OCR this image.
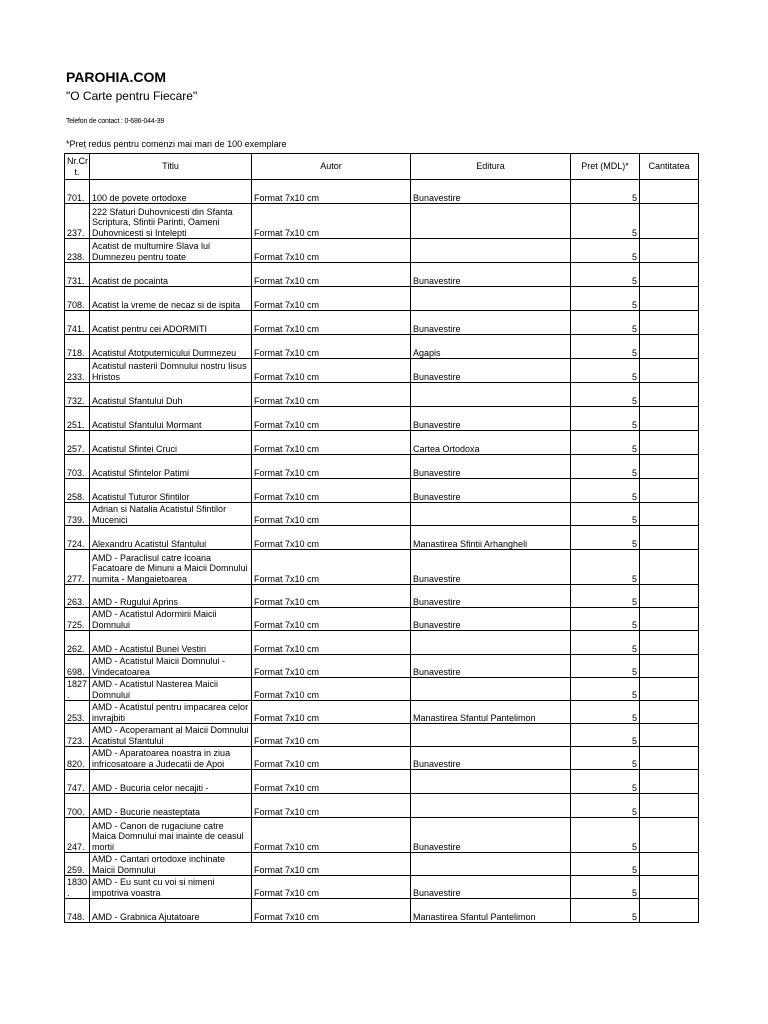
PAROHIA.COM
"O Carte pentru Fiecare"
Telefon de contact : 0-686-044-39
*Preț redus pentru comenzi mai mari de 100 exemplare
Nr.Cr t.	Titlu	Autor	Editura	Pret (MDL)*	Cantitatea
701.	100 de povete ortodoxe	Format 7x10 cm	Bunavestire	5	
237.	222 Sfaturi Duhovnicesti din Sfanta Scriptura, Sfintii Parinti, Oameni Duhovnicesti si Intelepti	Format 7x10 cm		5	
238.	Acatist de multumire Slava lui Dumnezeu pentru toate	Format 7x10 cm		5	
731.	Acatist de pocainta	Format 7x10 cm	Bunavestire	5	
708.	Acatist la vreme de necaz si de ispita	Format 7x10 cm		5	
741.	Acatist pentru cei ADORMITI	Format 7x10 cm	Bunavestire	5	
718.	Acatistul Atotputernicului Dumnezeu	Format 7x10 cm	Agapis	5	
233.	Acatistul nasterii Domnului nostru Iisus Hristos	Format 7x10 cm	Bunavestire	5	
732.	Acatistul Sfantului Duh	Format 7x10 cm		5	
251.	Acatistul Sfantului Mormant	Format 7x10 cm	Bunavestire	5	
257.	Acatistul Sfintei Cruci	Format 7x10 cm	Cartea Ortodoxa	5	
703.	Acatistul Sfintelor Patimi	Format 7x10 cm	Bunavestire	5	
258.	Acatistul Tuturor Sfintilor	Format 7x10 cm	Bunavestire	5	
739.	Adrian si Natalia Acatistul Sfintilor Mucenici	Format 7x10 cm		5	
724.	Alexandru Acatistul Sfantului	Format 7x10 cm	Manastirea Sfintii Arhangheli	5	
277.	AMD - Paraclisul catre Icoana Facatoare de Minuni a Maicii Domnului numita - Mangaietoarea	Format 7x10 cm	Bunavestire	5	
263.	AMD - Rugului Aprins	Format 7x10 cm	Bunavestire	5	
725.	AMD - Acatistul Adormirii Maicii Domnului	Format 7x10 cm	Bunavestire	5	
262.	AMD - Acatistul Bunei Vestiri	Format 7x10 cm		5	
698.	AMD - Acatistul Maicii Domnului - Vindecatoarea	Format 7x10 cm	Bunavestire	5	
1827 .	AMD - Acatistul Nasterea Maicii Domnului	Format 7x10 cm		5	
253.	AMD - Acatistul pentru impacarea celor invrajbiti	Format 7x10 cm	Manastirea Sfantul Pantelimon	5	
723.	AMD - Acoperamant al Maicii Domnului Acatistul Sfantului	Format 7x10 cm		5	
820.	AMD - Aparatoarea noastra in ziua infricosatoare a Judecatii de Apoi	Format 7x10 cm	Bunavestire	5	
747.	AMD - Bucuria celor necajiti -	Format 7x10 cm		5	
700.	AMD - Bucurie neasteptata	Format 7x10 cm		5	
247.	AMD - Canon de rugaciune catre Maica Domnului mai inainte de ceasul mortii	Format 7x10 cm	Bunavestire	5	
259.	AMD - Cantari ortodoxe inchinate Maicii Domnului	Format 7x10 cm		5	
1830 .	AMD - Eu sunt cu voi si nimeni impotriva voastra	Format 7x10 cm	Bunavestire	5	
748.	AMD - Grabnica Ajutatoare	Format 7x10 cm	Manastirea Sfantul Pantelimon	5	
